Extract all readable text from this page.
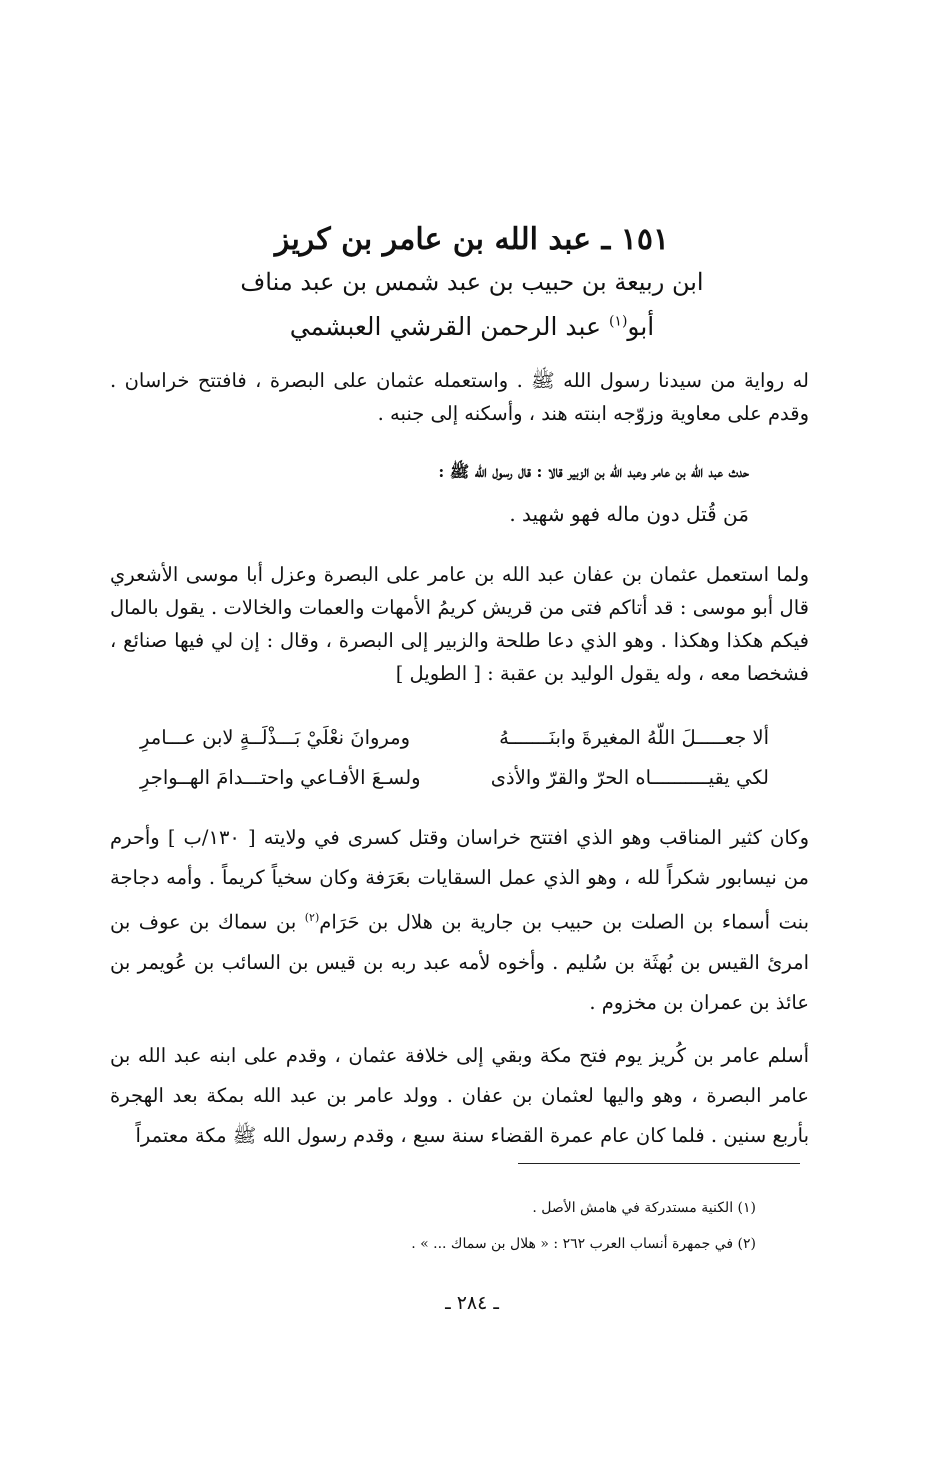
١٥١ ـ عبد الله بن عامر بن كريز
ابن ربيعة بن حبيب بن عبد شمس بن عبد مناف
أبو$^{(١)}$ عبد الرحمن القرشي العبشمي
له رواية من سيدنا رسول الله ﷺ . واستعمله عثمان على البصرة ، فافتتح خراسان . وقدم على معاوية وزوّجه ابنته هند ، وأسكنه إلى جنبه .
حدث عبد الله بن عامر وعبد الله بن الزبير قالا : قال رسول الله ﷺ :
مَن قُتل دون ماله فهو شهيد .
ولما استعمل عثمان بن عفان عبد الله بن عامر على البصرة وعزل أبا موسى الأشعري قال أبو موسى : قد أتاكم فتى من قريش كريمُ الأمهات والعمات والخالات . يقول بالمال فيكم هكذا وهكذا . وهو الذي دعا طلحة والزبير إلى البصرة ، وقال : إن لي فيها صنائع ، فشخصا معه ، وله يقول الوليد بن عقبة : [ الطويل ]
ألا جعـــــلَ اللّهُ المغيرةَ وابنَـــــــهُ
ومروانَ نعْلَيْ بَـــذْلَــةٍ لابن عـــامرِ
لكي يقيــــــــــاه الحرّ والقرّ والأذى
ولسـعَ الأفـاعي واحتـــدامَ الهــواجرِ
وكان كثير المناقب وهو الذي افتتح خراسان وقتل كسرى في ولايته [ ١٣٠/ب ] وأحرم من نيسابور شكراً لله ، وهو الذي عمل السقايات بعَرَفة وكان سخياً كريماً . وأمه دجاجة بنت أسماء بن الصلت بن حبيب بن جارية بن هلال بن حَرَام$^{(٢)}$ بن سماك بن عوف بن امرئ القيس بن بُهثَة بن سُليم . وأخوه لأمه عبد ربه بن قيس بن السائب بن عُويمر بن عائذ بن عمران بن مخزوم .
أسلم عامر بن كُريز يوم فتح مكة وبقي إلى خلافة عثمان ، وقدم على ابنه عبد الله بن عامر البصرة ، وهو واليها لعثمان بن عفان . وولد عامر بن عبد الله بمكة بعد الهجرة بأربع سنين . فلما كان عام عمرة القضاء سنة سبع ، وقدم رسول الله ﷺ مكة معتمراً
(١) الكنية مستدركة في هامش الأصل .
(٢) في جمهرة أنساب العرب ٢٦٢ : « هلال بن سماك ... » .
ـ ٢٨٤ ـ
